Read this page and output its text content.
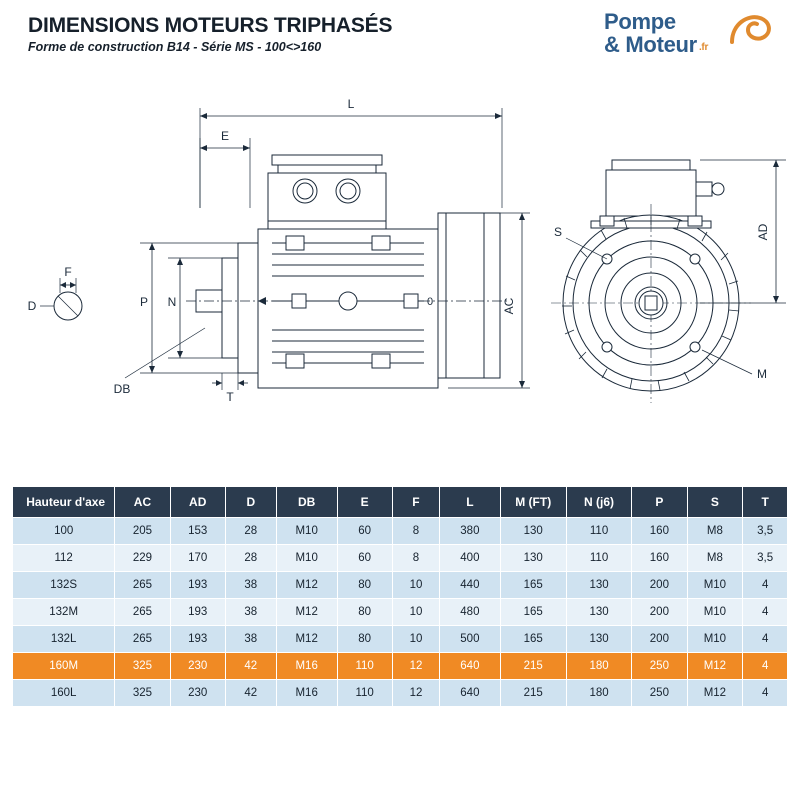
DIMENSIONS MOTEURS TRIPHASÉS
Forme de construction B14 - Série MS - 100<>160
Pompe
& Moteur .fr
L
E
0	AC
P N
DB
T
F
D
S
M
AD
Hauteur d'axe	AC	AD	D	DB	E	F	L	M (FT)	N (j6)	P	S	T
100	205	153	28	M10	60	8	380	130	110	160	M8	3,5
112	229	170	28	M10	60	8	400	130	110	160	M8	3,5
132S	265	193	38	M12	80	10	440	165	130	200	M10	4
132M	265	193	38	M12	80	10	480	165	130	200	M10	4
132L	265	193	38	M12	80	10	500	165	130	200	M10	4
160M	325	230	42	M16	110	12	640	215	180	250	M12	4
160L	325	230	42	M16	110	12	640	215	180	250	M12	4
